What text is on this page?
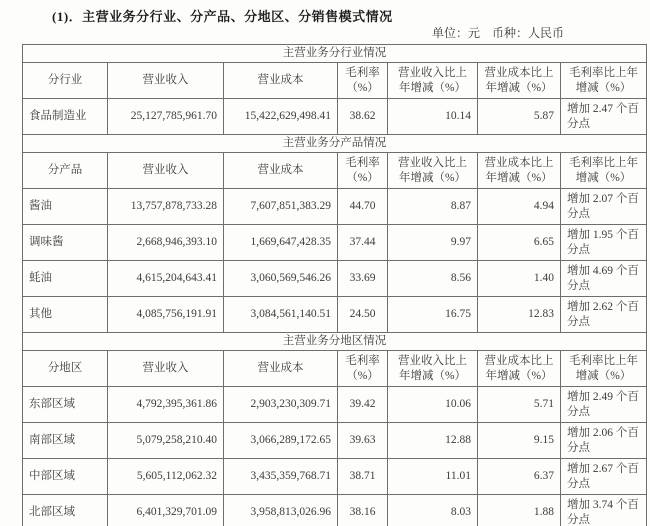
(1)．主营业务分行业、分产品、分地区、分销售模式情况
单位：元　币种：人民币
主营业务分行业情况						
分行业	营业收入	营业成本	毛利率（%）	营业收入比上年增减（%）	营业成本比上年增减（%）	毛利率比上年增减（%）
食品制造业	25,127,785,961.70	15,422,629,498.41	38.62	10.14	5.87	增加 2.47 个百分点
主营业务分产品情况						
分产品	营业收入	营业成本	毛利率（%）	营业收入比上年增减（%）	营业成本比上年增减（%）	毛利率比上年增减（%）
酱油	13,757,878,733.28	7,607,851,383.29	44.70	8.87	4.94	增加 2.07 个百分点
调味酱	2,668,946,393.10	1,669,647,428.35	37.44	9.97	6.65	增加 1.95 个百分点
蚝油	4,615,204,643.41	3,060,569,546.26	33.69	8.56	1.40	增加 4.69 个百分点
其他	4,085,756,191.91	3,084,561,140.51	24.50	16.75	12.83	增加 2.62 个百分点
主营业务分地区情况						
分地区	营业收入	营业成本	毛利率（%）	营业收入比上年增减（%）	营业成本比上年增减（%）	毛利率比上年增减（%）
东部区域	4,792,395,361.86	2,903,230,309.71	39.42	10.06	5.71	增加 2.49 个百分点
南部区域	5,079,258,210.40	3,066,289,172.65	39.63	12.88	9.15	增加 2.06 个百分点
中部区域	5,605,112,062.32	3,435,359,768.71	38.71	11.01	6.37	增加 2.67 个百分点
北部区域	6,401,329,701.09	3,958,813,026.96	38.16	8.03	1.88	增加 3.74 个百分点
